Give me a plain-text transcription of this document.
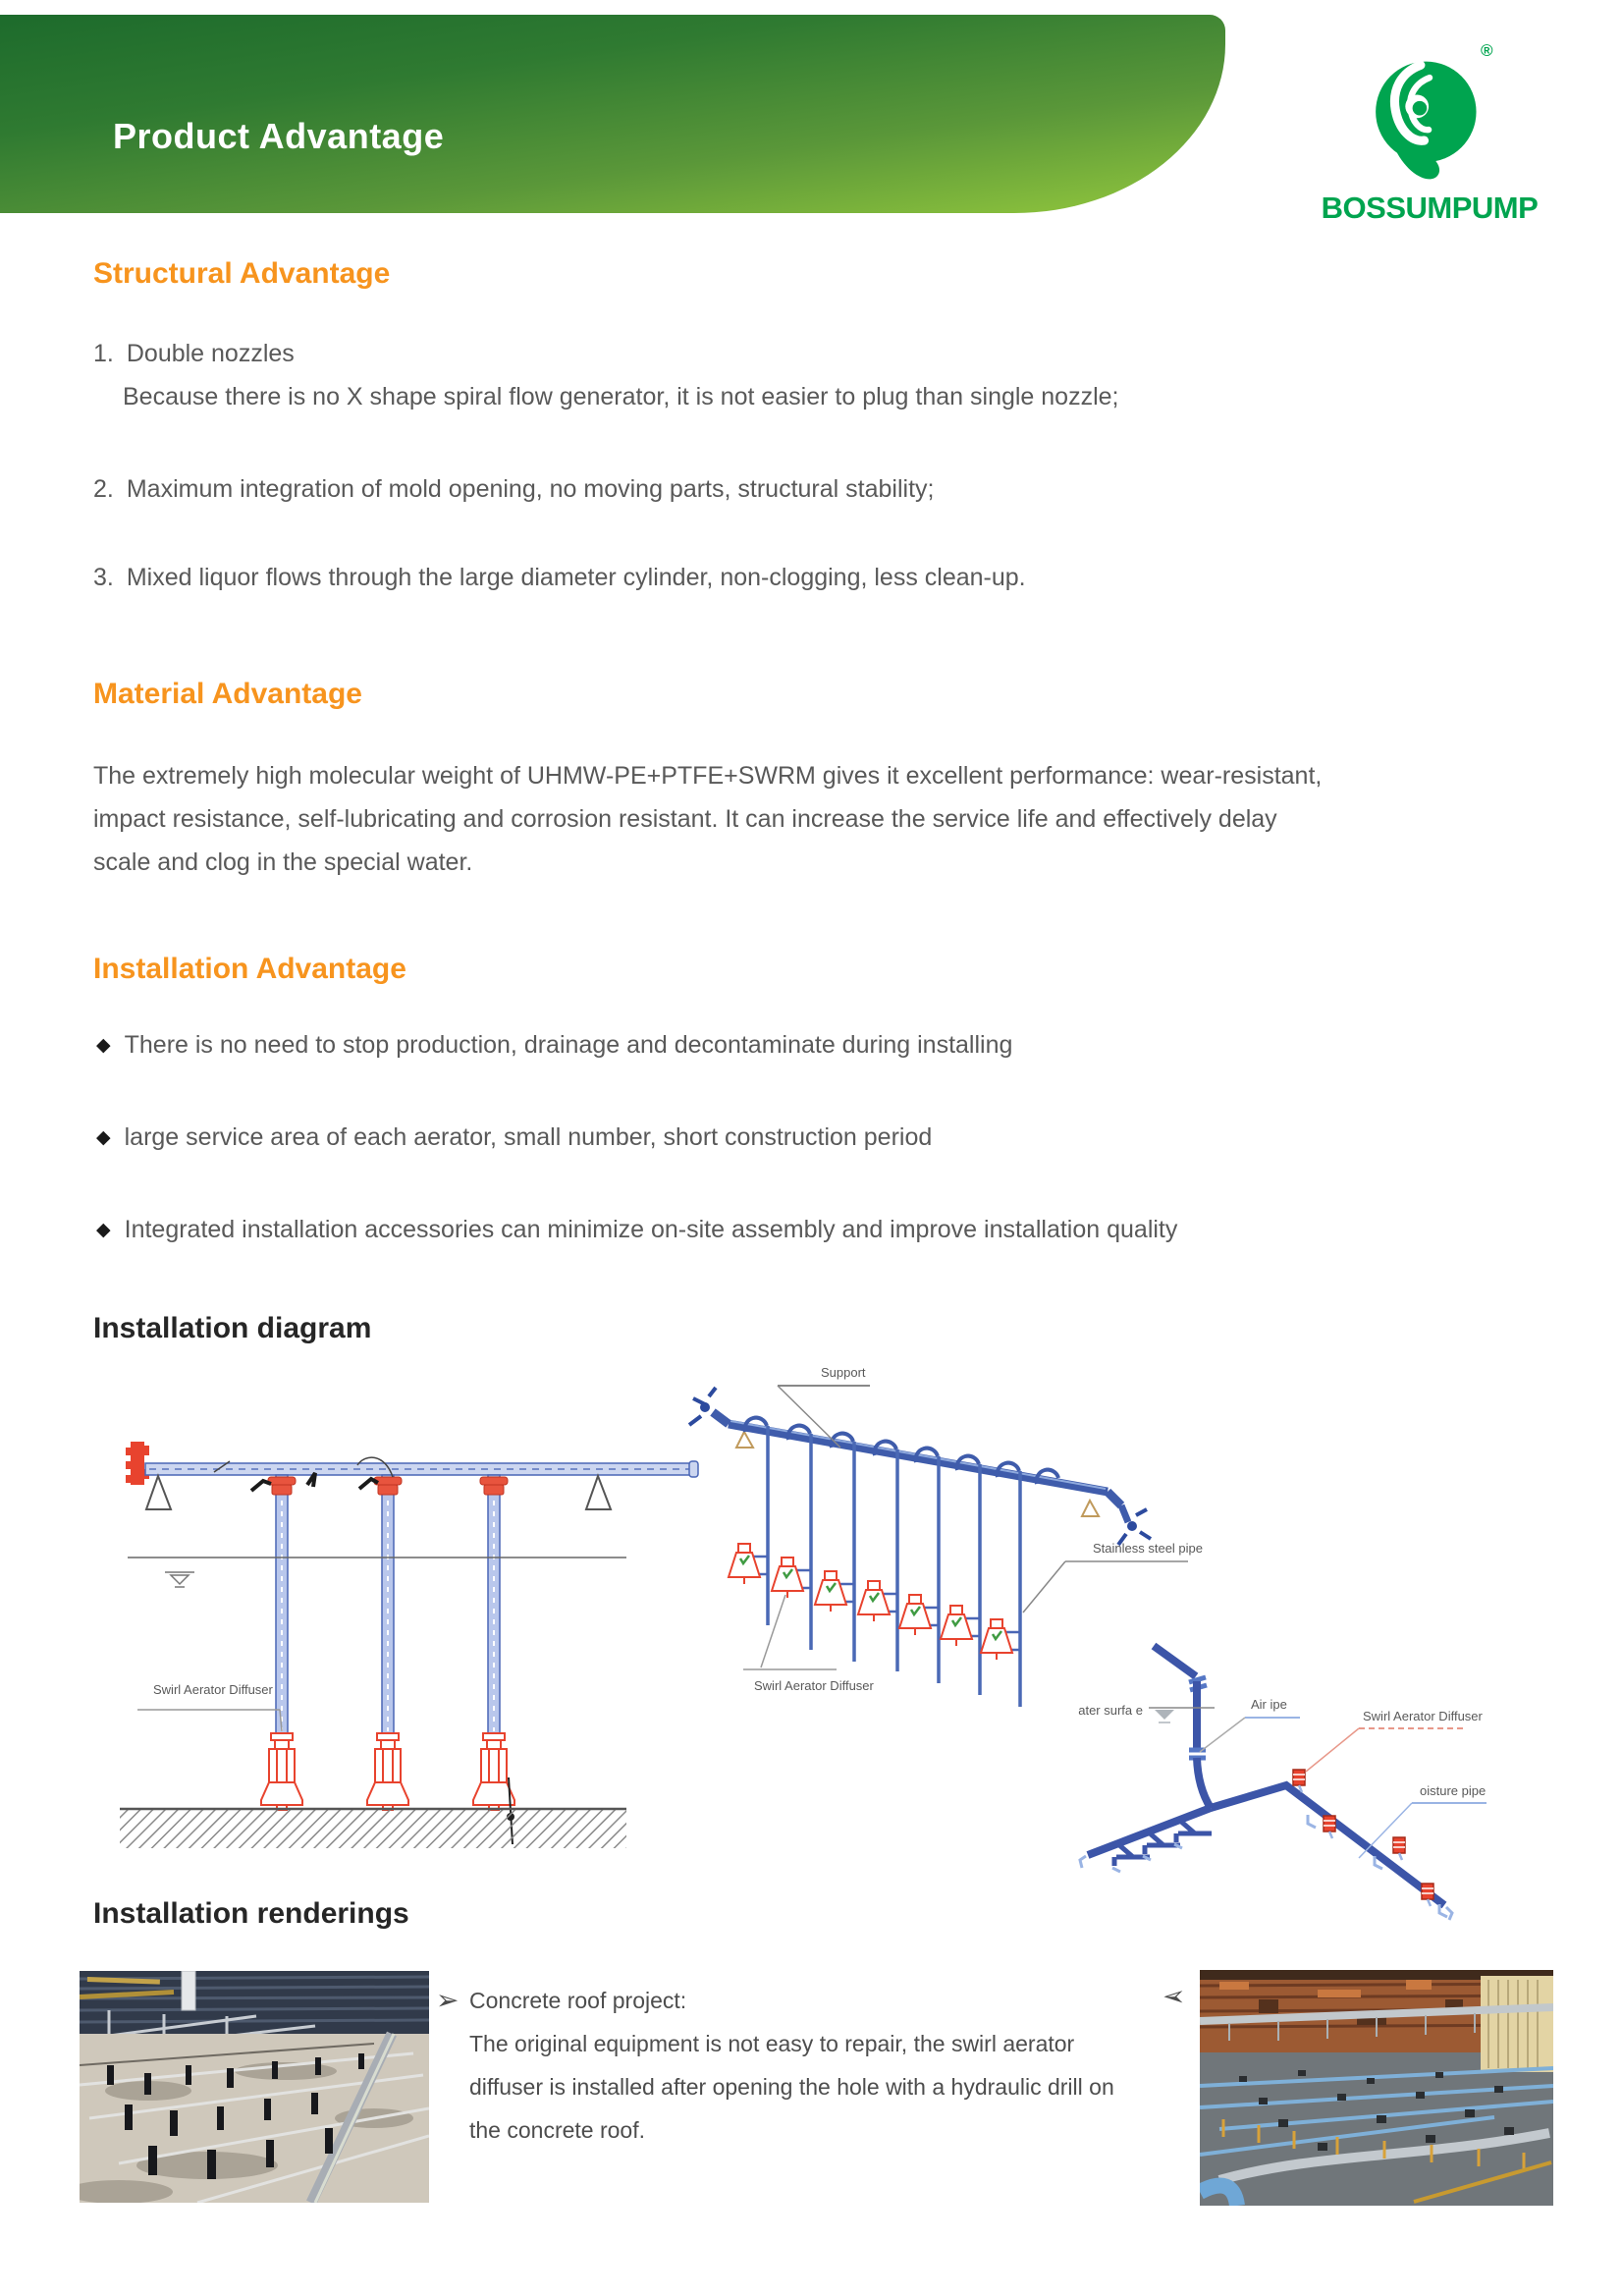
Product Advantage
®
BOSSUMPUMP
Structural Advantage
1. Double nozzles
Because there is no X shape spiral flow generator, it is not easier to plug than single nozzle;
2. Maximum integration of mold opening, no moving parts, structural stability;
3. Mixed liquor flows through the large diameter cylinder, non-clogging, less clean-up.
Material Advantage
The extremely high molecular weight of UHMW-PE+PTFE+SWRM gives it excellent performance: wear-resistant,
impact resistance, self-lubricating and corrosion resistant. It can increase the service life and effectively delay
scale and clog in the special water.
Installation Advantage
◆ There is no need to stop production, drainage and decontaminate during installing
◆ large service area of each aerator, small number, short construction period
◆ Integrated installation accessories can minimize on-site assembly and improve installation quality
Installation diagram
Swirl Aerator Diffuser
Support
Stainless steel pipe
Swirl Aerator Diffuser
ater surfa e	Air ipe
Swirl Aerator Diffuser
oisture pipe
Installation renderings
➢ Concrete roof project:
The original equipment is not easy to repair, the swirl aerator
diffuser is installed after opening the hole with a hydraulic drill on
the concrete roof.
➢
